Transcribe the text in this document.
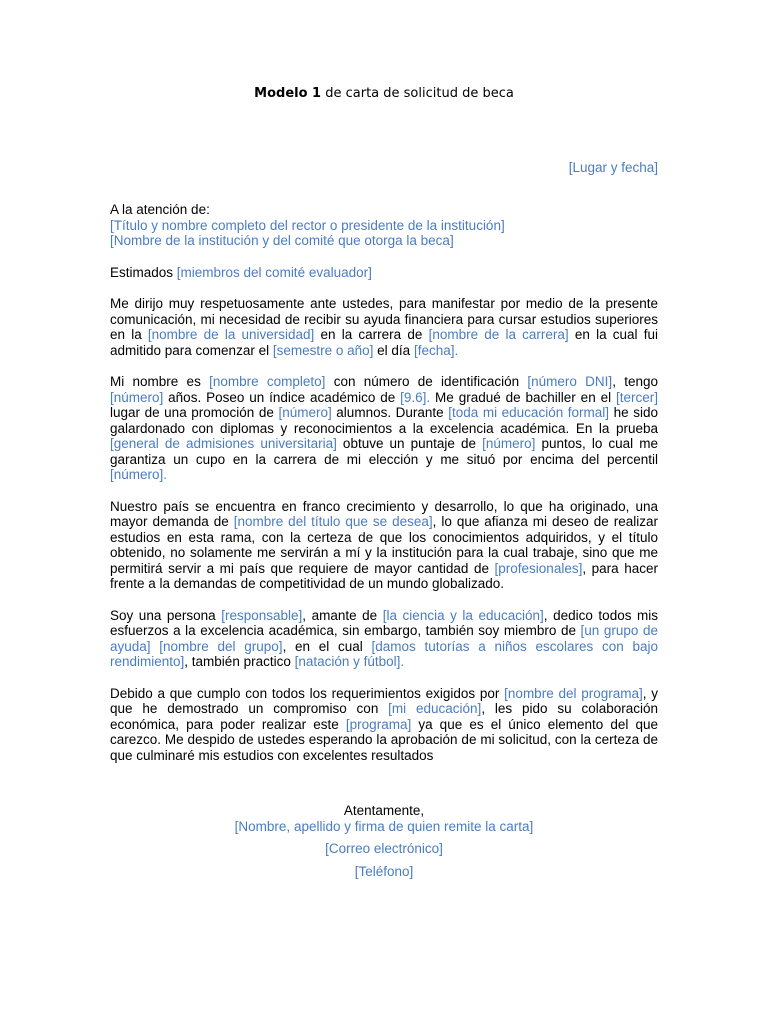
Modelo 1 de carta de solicitud de beca
[Lugar y fecha]
A la atención de:
[Título y nombre completo del rector o presidente de la institución]
[Nombre de la institución y del comité que otorga la beca]
Estimados [miembros del comité evaluador]
Me dirijo muy respetuosamente ante ustedes, para manifestar por medio de la presente comunicación, mi necesidad de recibir su ayuda financiera para cursar estudios superiores en la [nombre de la universidad] en la carrera de [nombre de la carrera] en la cual fui admitido para comenzar el [semestre o año] el día [fecha].
Mi nombre es [nombre completo] con número de identificación [número DNI], tengo [número] años. Poseo un índice académico de [9.6]. Me gradué de bachiller en el [tercer] lugar de una promoción de [número] alumnos. Durante [toda mi educación formal] he sido galardonado con diplomas y reconocimientos a la excelencia académica. En la prueba [general de admisiones universitaria] obtuve un puntaje de [número] puntos, lo cual me garantiza un cupo en la carrera de mi elección y me situó por encima del percentil [número].
Nuestro país se encuentra en franco crecimiento y desarrollo, lo que ha originado, una mayor demanda de [nombre del título que se desea], lo que afianza mi deseo de realizar estudios en esta rama, con la certeza de que los conocimientos adquiridos, y el título obtenido, no solamente me servirán a mí y la institución para la cual trabaje, sino que me permitirá servir a mi país que requiere de mayor cantidad de [profesionales], para hacer frente a la demandas de competitividad de un mundo globalizado.
Soy una persona [responsable], amante de [la ciencia y la educación], dedico todos mis esfuerzos a la excelencia académica, sin embargo, también soy miembro de [un grupo de ayuda] [nombre del grupo], en el cual [damos tutorías a niños escolares con bajo rendimiento], también practico [natación y fútbol].
Debido a que cumplo con todos los requerimientos exigidos por [nombre del programa], y que he demostrado un compromiso con [mi educación], les pido su colaboración económica, para poder realizar este [programa] ya que es el único elemento del que carezco. Me despido de ustedes esperando la aprobación de mi solicitud, con la certeza de que culminaré mis estudios con excelentes resultados
Atentamente,
[Nombre, apellido y firma de quien remite la carta]
[Correo electrónico]
[Teléfono]
